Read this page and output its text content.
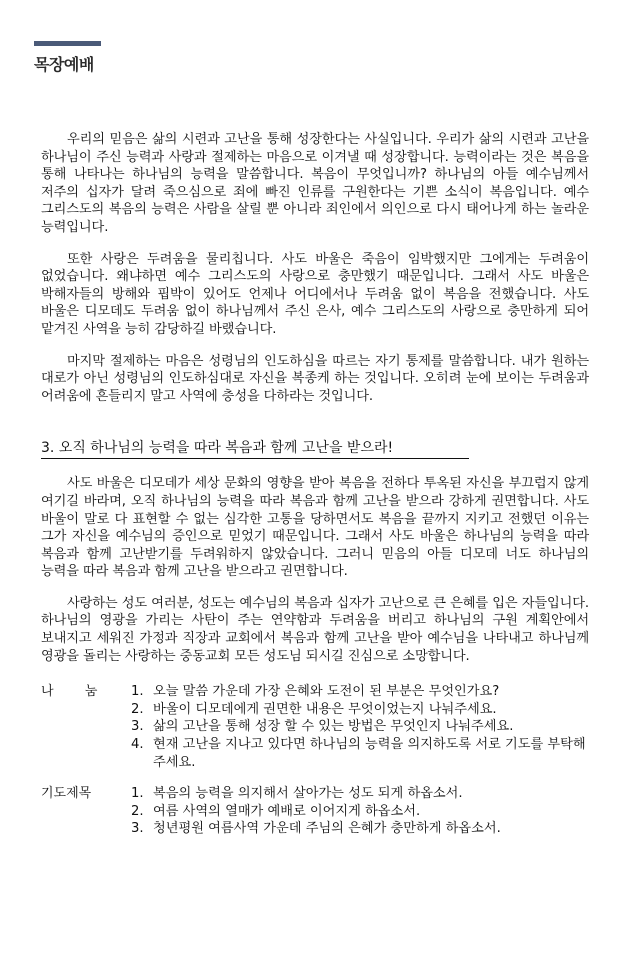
목장예배

우리의 믿음은 삶의 시련과 고난을 통해 성장한다는 사실입니다. 우리가 삶의 시련과 고난을 하나님이 주신 능력과 사랑과 절제하는 마음으로 이겨낼 때 성장합니다. 능력이라는 것은 복음을 통해 나타나는 하나님의 능력을 말씀합니다. 복음이 무엇입니까? 하나님의 아들 예수님께서 저주의 십자가 달려 죽으심으로 죄에 빠진 인류를 구원한다는 기쁜 소식이 복음입니다. 예수 그리스도의 복음의 능력은 사람을 살릴 뿐 아니라 죄인에서 의인으로 다시 태어나게 하는 놀라운 능력입니다.

또한 사랑은 두려움을 물리칩니다. 사도 바울은 죽음이 임박했지만 그에게는 두려움이 없었습니다. 왜냐하면 예수 그리스도의 사랑으로 충만했기 때문입니다. 그래서 사도 바울은 박해자들의 방해와 핍박이 있어도 언제나 어디에서나 두려움 없이 복음을 전했습니다. 사도 바울은 디모데도 두려움 없이 하나님께서 주신 은사, 예수 그리스도의 사랑으로 충만하게 되어 맡겨진 사역을 능히 감당하길 바랬습니다.

마지막 절제하는 마음은 성령님의 인도하심을 따르는 자기 통제를 말씀합니다. 내가 원하는 대로가 아닌 성령님의 인도하심대로 자신을 복종케 하는 것입니다. 오히려 눈에 보이는 두려움과 어려움에 흔들리지 말고 사역에 충성을 다하라는 것입니다.

3. 오직 하나님의 능력을 따라 복음과 함께 고난을 받으라!

사도 바울은 디모데가 세상 문화의 영향을 받아 복음을 전하다 투옥된 자신을 부끄럽지 않게 여기길 바라며, 오직 하나님의 능력을 따라 복음과 함께 고난을 받으라 강하게 권면합니다. 사도 바울이 말로 다 표현할 수 없는 심각한 고통을 당하면서도 복음을 끝까지 지키고 전했던 이유는 그가 자신을 예수님의 증인으로 믿었기 때문입니다. 그래서 사도 바울은 하나님의 능력을 따라 복음과 함께 고난받기를 두려워하지 않았습니다. 그러니 믿음의 아들 디모데 너도 하나님의 능력을 따라 복음과 함께 고난을 받으라고 권면합니다.

사랑하는 성도 여러분, 성도는 예수님의 복음과 십자가 고난으로 큰 은혜를 입은 자들입니다. 하나님의 영광을 가리는 사탄이 주는 연약함과 두려움을 버리고 하나님의 구원 계획안에서 보내지고 세워진 가정과 직장과 교회에서 복음과 함께 고난을 받아 예수님을 나타내고 하나님께 영광을 돌리는 사랑하는 중동교회 모든 성도님 되시길 진심으로 소망합니다.

나    눔	1. 오늘 말씀 가운데 가장 은혜와 도전이 된 부분은 무엇인가요?
2. 바울이 디모데에게 권면한 내용은 무엇이었는지 나눠주세요.
3. 삶의 고난을 통해 성장 할 수 있는 방법은 무엇인지 나눠주세요.
4. 현재 고난을 지나고 있다면 하나님의 능력을 의지하도록 서로 기도를 부탁해 주세요.
기도제목	1. 복음의 능력을 의지해서 살아가는 성도 되게 하옵소서.
2. 여름 사역의 열매가 예배로 이어지게 하옵소서.
3. 청년평원 여름사역 가운데 주님의 은혜가 충만하게 하옵소서.
